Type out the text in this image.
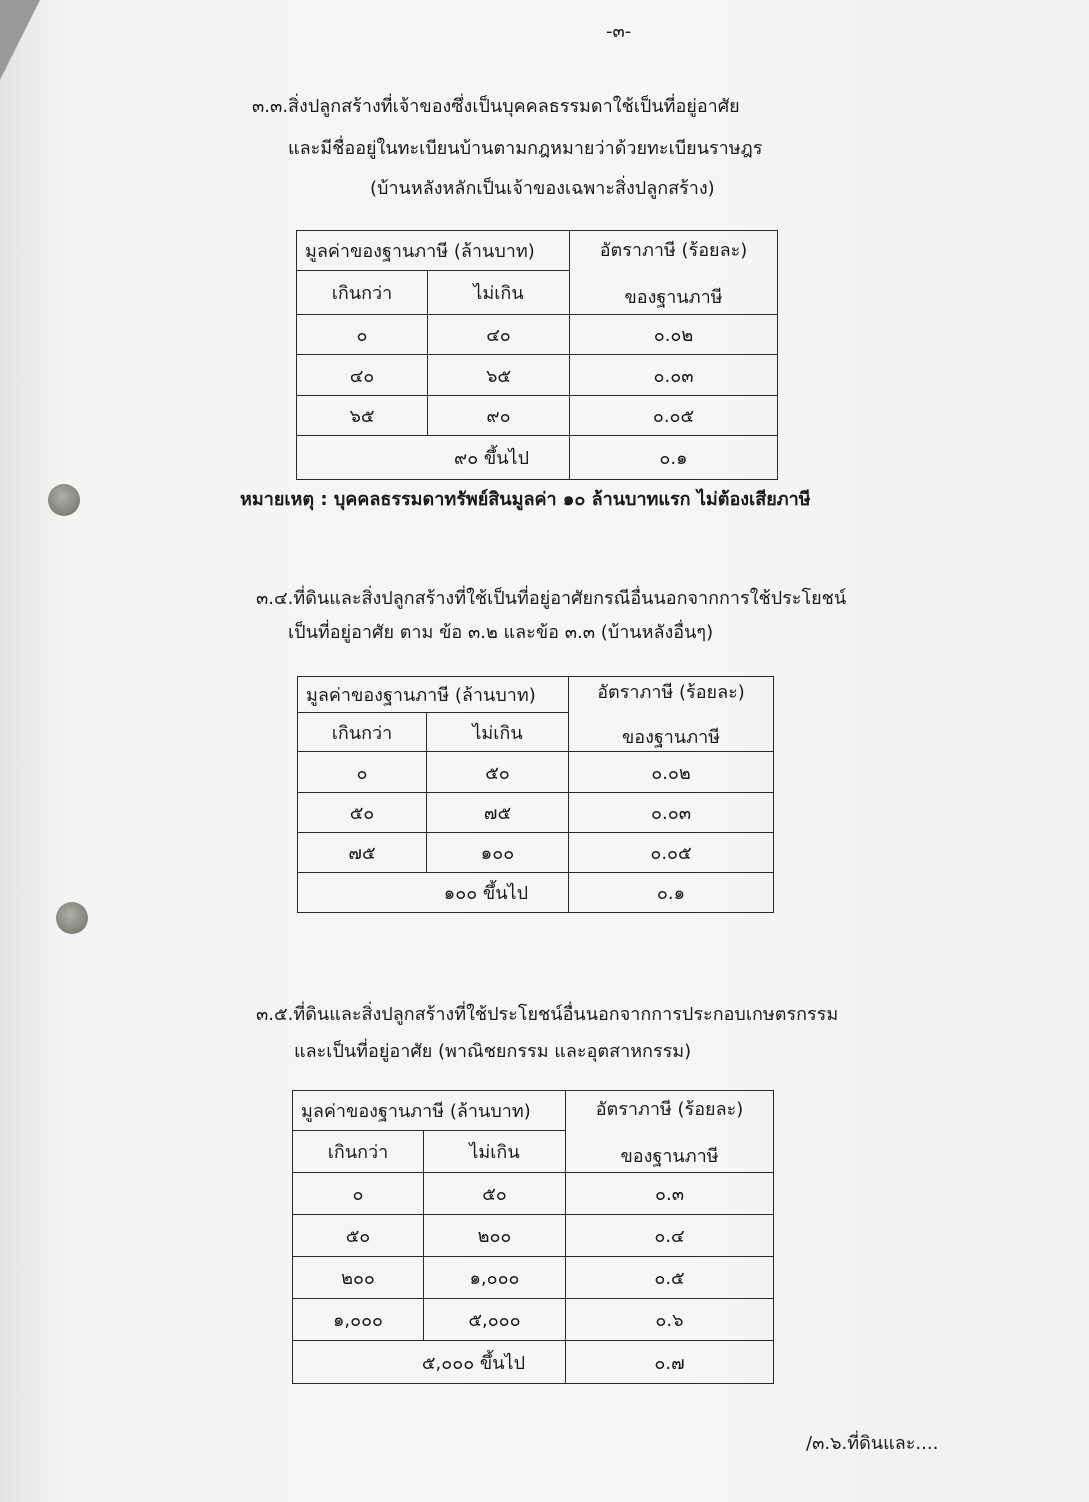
-๓-
๓.๓.สิ่งปลูกสร้างที่เจ้าของซึ่งเป็นบุคคลธรรมดาใช้เป็นที่อยู่อาศัย
และมีชื่ออยู่ในทะเบียนบ้านตามกฎหมายว่าด้วยทะเบียนราษฎร
(บ้านหลังหลักเป็นเจ้าของเฉพาะสิ่งปลูกสร้าง)
มูลค่าของฐานภาษี (ล้านบาท)		อัตราภาษี (ร้อยละ)
ของฐานภาษี

เกินกว่า	ไม่เกิน	
๐	๔๐	๐.๐๒
๔๐	๖๕	๐.๐๓
๖๕	๙๐	๐.๐๕
๙๐ ขึ้นไป		๐.๑
หมายเหตุ : บุคคลธรรมดาทรัพย์สินมูลค่า ๑๐ ล้านบาทแรก ไม่ต้องเสียภาษี
๓.๔.ที่ดินและสิ่งปลูกสร้างที่ใช้เป็นที่อยู่อาศัยกรณีอื่นนอกจากการใช้ประโยชน์
เป็นที่อยู่อาศัย ตาม ข้อ ๓.๒ และข้อ ๓.๓ (บ้านหลังอื่นๆ)
มูลค่าของฐานภาษี (ล้านบาท)		อัตราภาษี (ร้อยละ)
ของฐานภาษี

เกินกว่า	ไม่เกิน	
๐	๕๐	๐.๐๒
๕๐	๗๕	๐.๐๓
๗๕	๑๐๐	๐.๐๕
๑๐๐ ขึ้นไป		๐.๑
๓.๕.ที่ดินและสิ่งปลูกสร้างที่ใช้ประโยชน์อื่นนอกจากการประกอบเกษตรกรรม
และเป็นที่อยู่อาศัย (พาณิชยกรรม และอุตสาหกรรม)
มูลค่าของฐานภาษี (ล้านบาท)		อัตราภาษี (ร้อยละ)
ของฐานภาษี

เกินกว่า	ไม่เกิน	
๐	๕๐	๐.๓
๕๐	๒๐๐	๐.๔
๒๐๐	๑,๐๐๐	๐.๕
๑,๐๐๐	๕,๐๐๐	๐.๖
๕,๐๐๐ ขึ้นไป		๐.๗
/๓.๖.ที่ดินและ....
